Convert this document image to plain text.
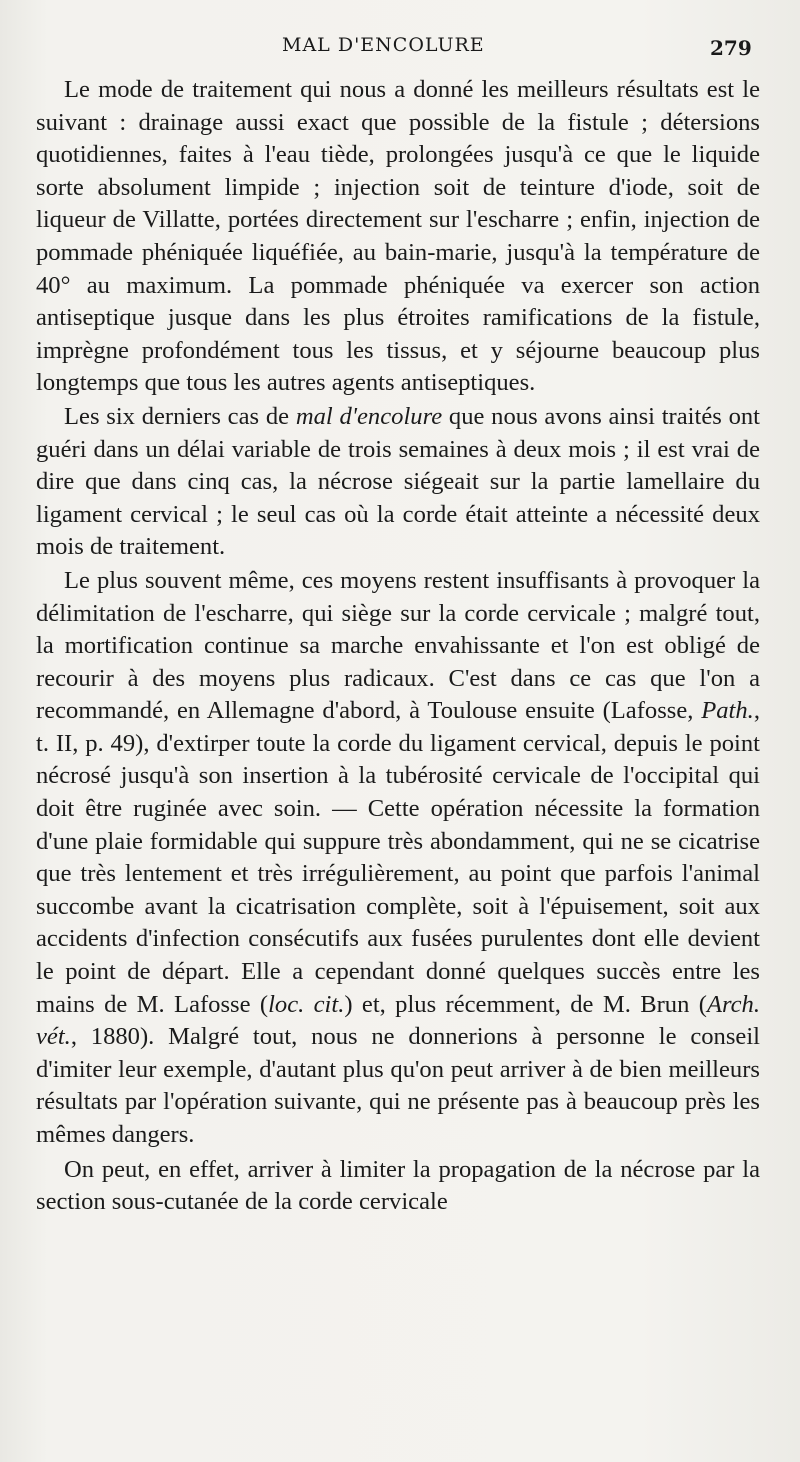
MAL D'ENCOLURE	279

Le mode de traitement qui nous a donné les meilleurs résultats est le suivant : drainage aussi exact que possible de la fistule ; détersions quotidiennes, faites à l'eau tiède, prolongées jusqu'à ce que le liquide sorte absolument limpide ; injection soit de teinture d'iode, soit de liqueur de Villatte, portées directement sur l'escharre ; enfin, injection de pommade phéniquée liquéfiée, au bain-marie, jusqu'à la température de 40° au maximum. La pommade phéniquée va exercer son action antiseptique jusque dans les plus étroites ramifications de la fistule, imprègne profondément tous les tissus, et y séjourne beaucoup plus longtemps que tous les autres agents antiseptiques.

Les six derniers cas de mal d'encolure que nous avons ainsi traités ont guéri dans un délai variable de trois semaines à deux mois ; il est vrai de dire que dans cinq cas, la nécrose siégeait sur la partie lamellaire du ligament cervical ; le seul cas où la corde était atteinte a nécessité deux mois de traitement.

Le plus souvent même, ces moyens restent insuffisants à provoquer la délimitation de l'escharre, qui siège sur la corde cervicale ; malgré tout, la mortification continue sa marche envahissante et l'on est obligé de recourir à des moyens plus radicaux. C'est dans ce cas que l'on a recommandé, en Allemagne d'abord, à Toulouse ensuite (Lafosse, Path., t. II, p. 49), d'extirper toute la corde du ligament cervical, depuis le point nécrosé jusqu'à son insertion à la tubérosité cervicale de l'occipital qui doit être ruginée avec soin. — Cette opération nécessite la formation d'une plaie formidable qui suppure très abondamment, qui ne se cicatrise que très lentement et très irrégulièrement, au point que parfois l'animal succombe avant la cicatrisation complète, soit à l'épuisement, soit aux accidents d'infection consécutifs aux fusées purulentes dont elle devient le point de départ. Elle a cependant donné quelques succès entre les mains de M. Lafosse (loc. cit.) et, plus récemment, de M. Brun (Arch. vét., 1880). Malgré tout, nous ne donnerions à personne le conseil d'imiter leur exemple, d'autant plus qu'on peut arriver à de bien meilleurs résultats par l'opération suivante, qui ne présente pas à beaucoup près les mêmes dangers.

On peut, en effet, arriver à limiter la propagation de la nécrose par la section sous-cutanée de la corde cervicale
